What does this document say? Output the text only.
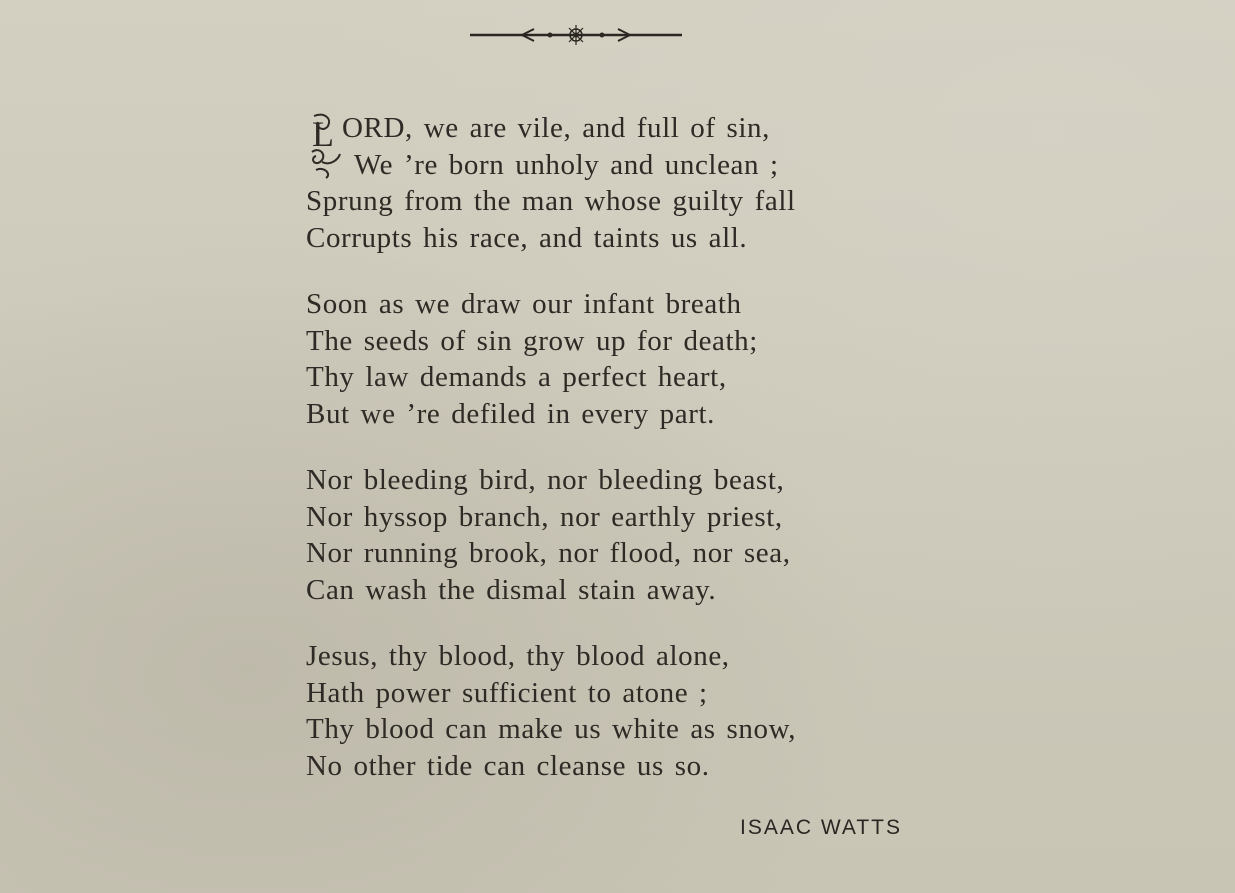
L ORD, we are vile, and full of sin,
We ’re born unholy and unclean ;
Sprung from the man whose guilty fall
Corrupts his race, and taints us all.
Soon as we draw our infant breath
The seeds of sin grow up for death;
Thy law demands a perfect heart,
But we ’re defiled in every part.
Nor bleeding bird, nor bleeding beast,
Nor hyssop branch, nor earthly priest,
Nor running brook, nor flood, nor sea,
Can wash the dismal stain away.
Jesus, thy blood, thy blood alone,
Hath power sufficient to atone ;
Thy blood can make us white as snow,
No other tide can cleanse us so.
ISAAC WATTS
